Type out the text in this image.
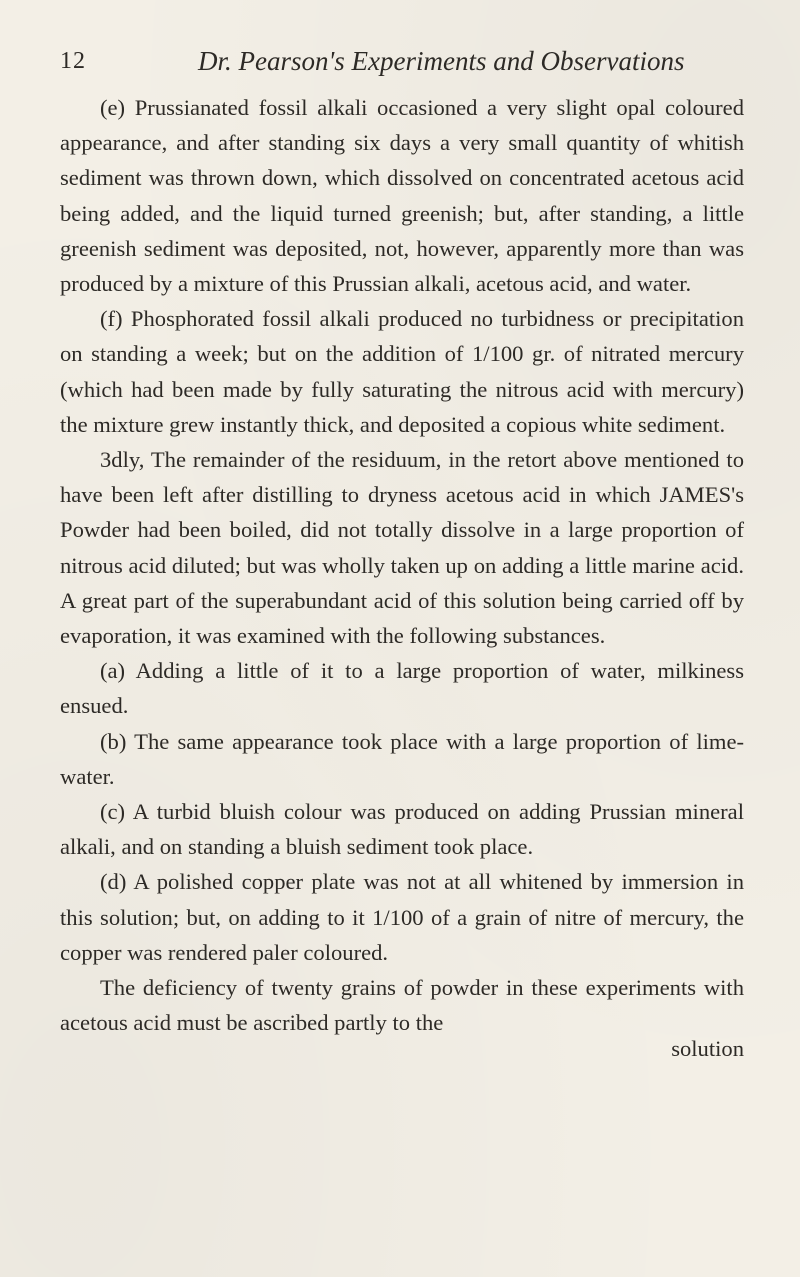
12	Dr. Pearson's Experiments and Observations

(e) Prussianated fossil alkali occasioned a very slight opal coloured appearance, and after standing six days a very small quantity of whitish sediment was thrown down, which dissolved on concentrated acetous acid being added, and the liquid turned greenish; but, after standing, a little greenish sediment was deposited, not, however, apparently more than was produced by a mixture of this Prussian alkali, acetous acid, and water.

(f) Phosphorated fossil alkali produced no turbidness or precipitation on standing a week; but on the addition of 1/100 gr. of nitrated mercury (which had been made by fully saturating the nitrous acid with mercury) the mixture grew instantly thick, and deposited a copious white sediment.

3dly, The remainder of the residuum, in the retort above mentioned to have been left after distilling to dryness acetous acid in which JAMES's Powder had been boiled, did not totally dissolve in a large proportion of nitrous acid diluted; but was wholly taken up on adding a little marine acid. A great part of the superabundant acid of this solution being carried off by evaporation, it was examined with the following substances.

(a) Adding a little of it to a large proportion of water, milkiness ensued.

(b) The same appearance took place with a large proportion of lime-water.

(c) A turbid bluish colour was produced on adding Prussian mineral alkali, and on standing a bluish sediment took place.

(d) A polished copper plate was not at all whitened by immersion in this solution; but, on adding to it 1/100 of a grain of nitre of mercury, the copper was rendered paler coloured.

The deficiency of twenty grains of powder in these experiments with acetous acid must be ascribed partly to the

solution
